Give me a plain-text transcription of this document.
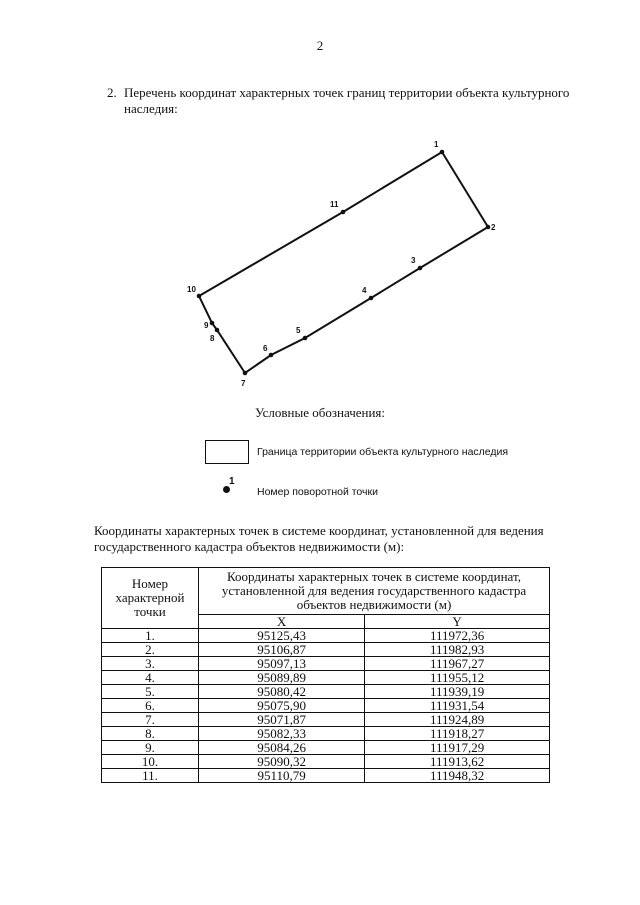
2
2. Перечень координат характерных точек границ территории объекта культурного наследия:
1
2
3
4
5
6
7
8
9
10
11
Условные обозначения:
Граница территории объекта культурного наследия
1
Номер поворотной точки
Координаты характерных точек в системе координат, установленной для ведения государственного кадастра объектов недвижимости (м):
Номер характерной точки	Координаты характерных точек в системе координат, установленной для ведения государственного кадастра объектов недвижимости (м)	
	X	Y
1.	95125,43	111972,36
2.	95106,87	111982,93
3.	95097,13	111967,27
4.	95089,89	111955,12
5.	95080,42	111939,19
6.	95075,90	111931,54
7.	95071,87	111924,89
8.	95082,33	111918,27
9.	95084,26	111917,29
10.	95090,32	111913,62
11.	95110,79	111948,32
